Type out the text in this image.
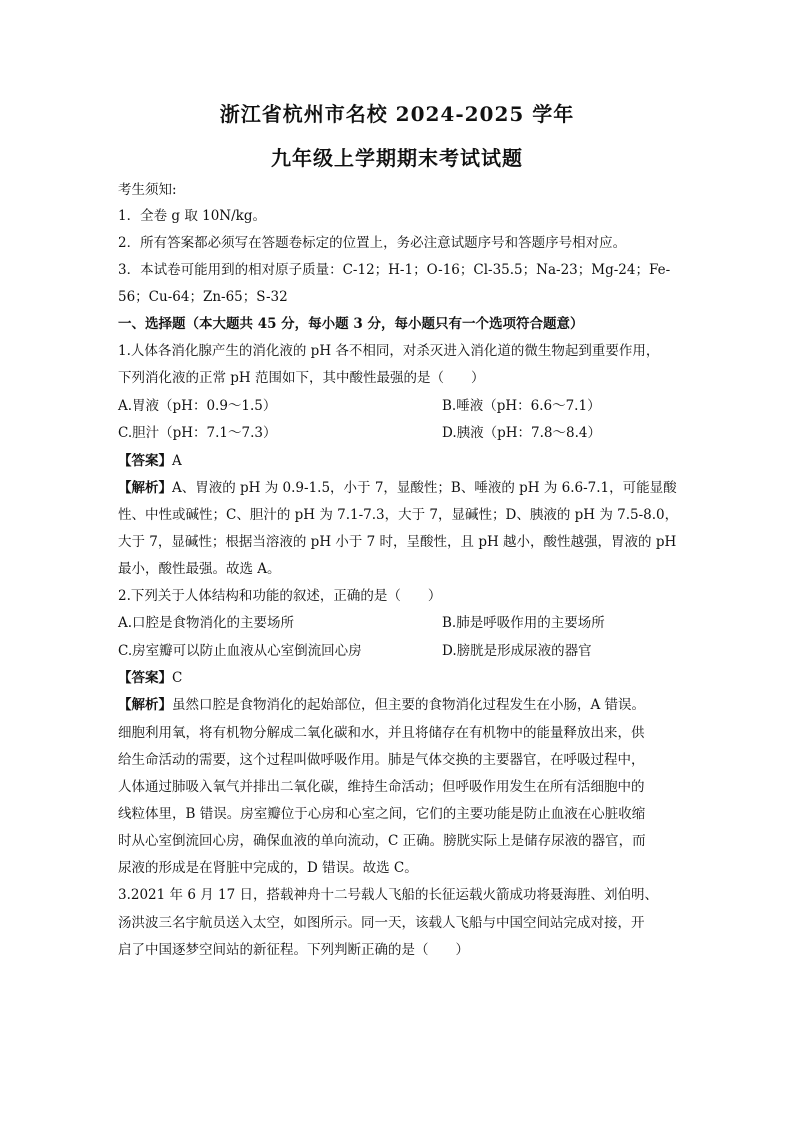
浙江省杭州市名校 2024-2025 学年
九年级上学期期末考试试题
考生须知:
1．全卷 g 取 10N/kg。
2．所有答案都必须写在答题卷标定的位置上，务必注意试题序号和答题序号相对应。
3．本试卷可能用到的相对原子质量：C-12；H-1；O-16；Cl-35.5；Na-23；Mg-24；Fe-
56；Cu-64；Zn-65；S-32
一、选择题（本大题共 45 分，每小题 3 分，每小题只有一个选项符合题意）
1.人体各消化腺产生的消化液的 pH 各不相同，对杀灭进入消化道的微生物起到重要作用，
下列消化液的正常 pH 范围如下，其中酸性最强的是（　　）
A.胃液（pH：0.9～1.5）	B.唾液（pH：6.6～7.1）
C.胆汁（pH：7.1～7.3）	D.胰液（pH：7.8～8.4）
【答案】A
【解析】A、胃液的 pH 为 0.9-1.5，小于 7，显酸性；B、唾液的 pH 为 6.6-7.1，可能显酸
性、中性或碱性；C、胆汁的 pH 为 7.1-7.3，大于 7，显碱性；D、胰液的 pH 为 7.5-8.0，
大于 7，显碱性；根据当溶液的 pH 小于 7 时，呈酸性，且 pH 越小，酸性越强，胃液的 pH
最小，酸性最强。故选 A。
2.下列关于人体结构和功能的叙述，正确的是（　　）
A.口腔是食物消化的主要场所	B.肺是呼吸作用的主要场所
C.房室瓣可以防止血液从心室倒流回心房	D.膀胱是形成尿液的器官
【答案】C
【解析】虽然口腔是食物消化的起始部位，但主要的食物消化过程发生在小肠，A 错误。
细胞利用氧，将有机物分解成二氧化碳和水，并且将储存在有机物中的能量释放出来，供
给生命活动的需要，这个过程叫做呼吸作用。肺是气体交换的主要器官，在呼吸过程中，
人体通过肺吸入氧气并排出二氧化碳，维持生命活动；但呼吸作用发生在所有活细胞中的
线粒体里，B 错误。房室瓣位于心房和心室之间，它们的主要功能是防止血液在心脏收缩
时从心室倒流回心房，确保血液的单向流动，C 正确。膀胱实际上是储存尿液的器官，而
尿液的形成是在肾脏中完成的，D 错误。故选 C。
3.2021 年 6 月 17 日，搭载神舟十二号载人飞船的长征运载火箭成功将聂海胜、刘伯明、
汤洪波三名宇航员送入太空，如图所示。同一天，该载人飞船与中国空间站完成对接，开
启了中国逐梦空间站的新征程。下列判断正确的是（　　）
